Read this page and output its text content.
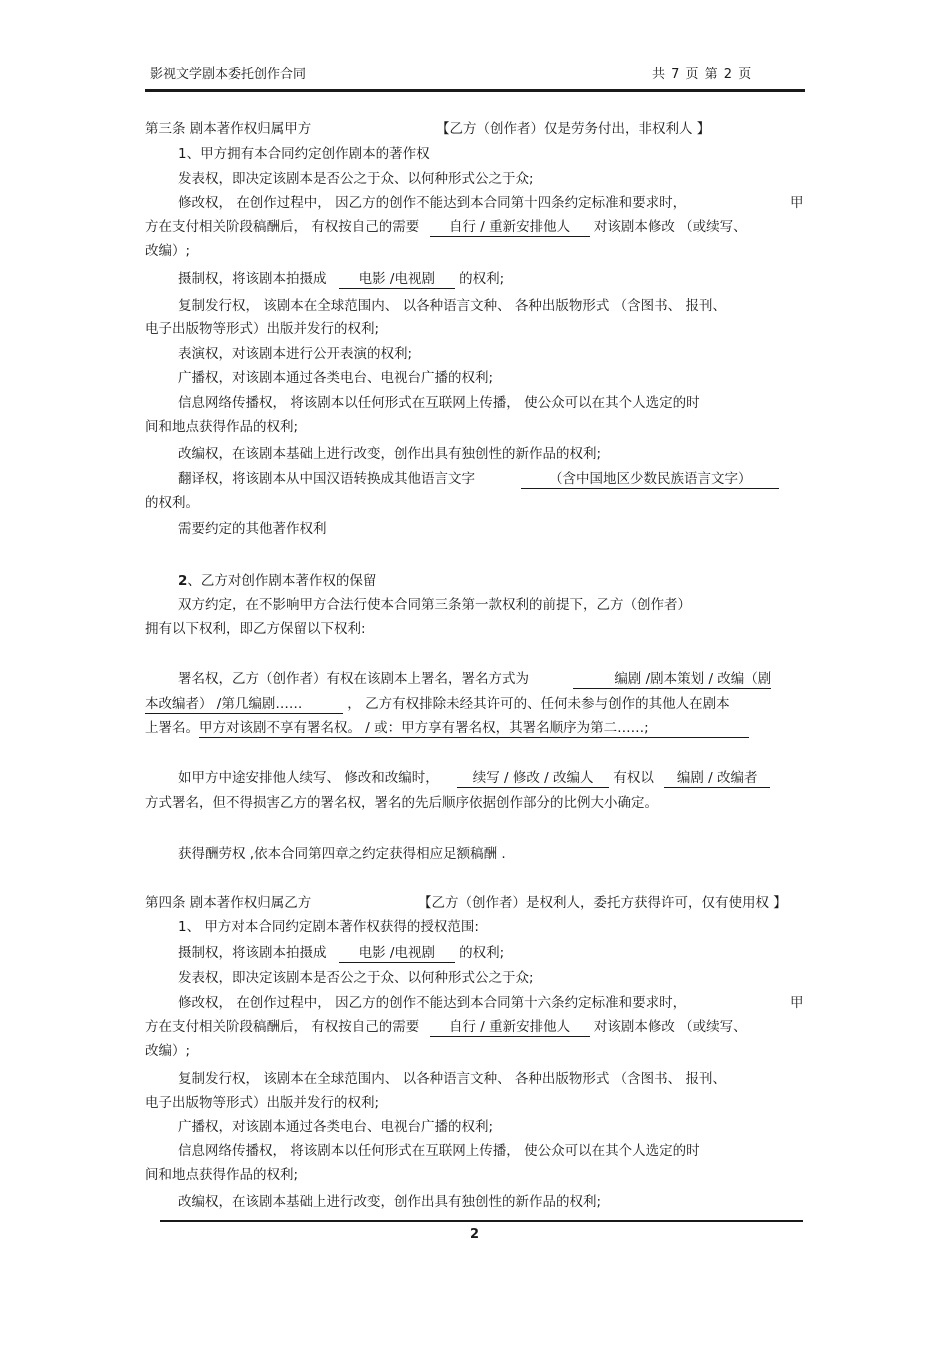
影视文学剧本委托创作合同	共 7 页 第 2 页
第三条 剧本著作权归属甲方	【乙方（创作者）仅是劳务付出，非权利人 】
1、甲方拥有本合同约定创作剧本的著作权
发表权，即决定该剧本是否公之于众、以何种形式公之于众;
修改权， 在创作过程中， 因乙方的创作不能达到本合同第十四条约定标准和要求时，	甲
方在支付相关阶段稿酬后， 有权按自己的需要 自行 / 重新安排他人 对该剧本修改 （或续写、
改编）;
摄制权，将该剧本拍摄成 电影 /电视剧 的权利;
复制发行权， 该剧本在全球范围内、 以各种语言文种、 各种出版物形式 （含图书、 报刊、
电子出版物等形式）出版并发行的权利;
表演权，对该剧本进行公开表演的权利;
广播权，对该剧本通过各类电台、电视台广播的权利;
信息网络传播权， 将该剧本以任何形式在互联网上传播， 使公众可以在其个人选定的时
间和地点获得作品的权利;
改编权，在该剧本基础上进行改变，创作出具有独创性的新作品的权利;
翻译权，将该剧本从中国汉语转换成其他语言文字	（含中国地区少数民族语言文字）
的权利。
需要约定的其他著作权利
2、乙方对创作剧本著作权的保留
双方约定，在不影响甲方合法行使本合同第三条第一款权利的前提下，乙方（创作者）
拥有以下权利，即乙方保留以下权利:
署名权，乙方（创作者）有权在该剧本上署名，署名方式为	编剧 /剧本策划 / 改编（剧
本改编者） /第几编剧……	， 乙方有权排除未经其许可的、任何未参与创作的其他人在剧本
上署名。甲方对该剧不享有署名权。 / 或：甲方享有署名权，其署名顺序为第二……;
如甲方中途安排他人续写、 修改和改编时，	续写 / 修改 / 改编人 有权以 编剧 / 改编者
方式署名，但不得损害乙方的署名权，署名的先后顺序依据创作部分的比例大小确定。
获得酬劳权 ,依本合同第四章之约定获得相应足额稿酬 .
第四条 剧本著作权归属乙方	【乙方（创作者）是权利人，委托方获得许可，仅有使用权 】
1、 甲方对本合同约定剧本著作权获得的授权范围:
摄制权，将该剧本拍摄成 电影 /电视剧 的权利;
发表权，即决定该剧本是否公之于众、以何种形式公之于众;
修改权， 在创作过程中， 因乙方的创作不能达到本合同第十六条约定标准和要求时，	甲
方在支付相关阶段稿酬后， 有权按自己的需要 自行 / 重新安排他人 对该剧本修改 （或续写、
改编）;
复制发行权， 该剧本在全球范围内、 以各种语言文种、 各种出版物形式 （含图书、 报刊、
电子出版物等形式）出版并发行的权利;
广播权，对该剧本通过各类电台、电视台广播的权利;
信息网络传播权， 将该剧本以任何形式在互联网上传播， 使公众可以在其个人选定的时
间和地点获得作品的权利;
改编权，在该剧本基础上进行改变，创作出具有独创性的新作品的权利;
2
